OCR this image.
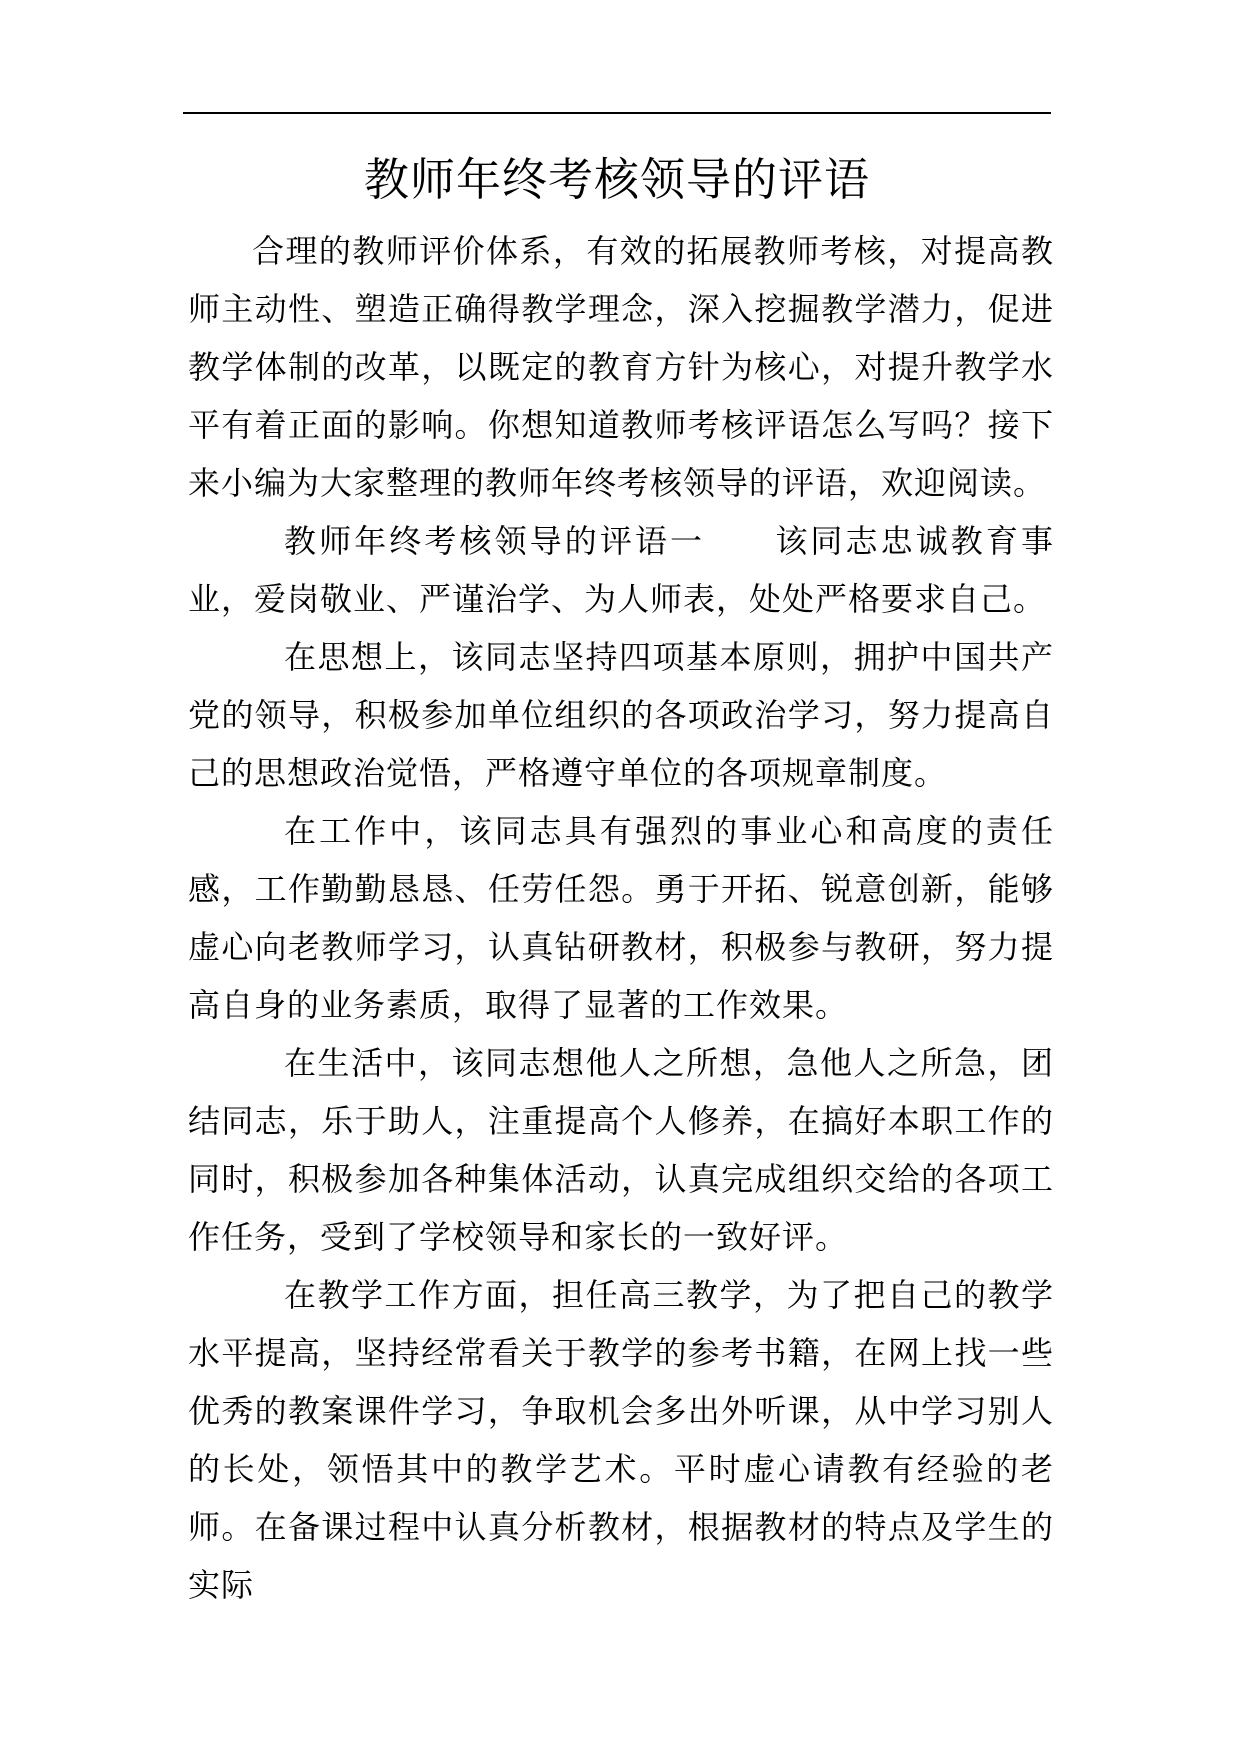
教师年终考核领导的评语

合理的教师评价体系，有效的拓展教师考核，对提高教师主动性、塑造正确得教学理念，深入挖掘教学潜力，促进教学体制的改革，以既定的教育方针为核心，对提升教学水平有着正面的影响。你想知道教师考核评语怎么写吗？接下来小编为大家整理的教师年终考核领导的评语，欢迎阅读。

教师年终考核领导的评语一　　该同志忠诚教育事业，爱岗敬业、严谨治学、为人师表，处处严格要求自己。

在思想上，该同志坚持四项基本原则，拥护中国共产党的领导，积极参加单位组织的各项政治学习，努力提高自己的思想政治觉悟，严格遵守单位的各项规章制度。

在工作中，该同志具有强烈的事业心和高度的责任感，工作勤勤恳恳、任劳任怨。勇于开拓、锐意创新，能够虚心向老教师学习，认真钻研教材，积极参与教研，努力提高自身的业务素质，取得了显著的工作效果。

在生活中，该同志想他人之所想，急他人之所急，团结同志，乐于助人，注重提高个人修养，在搞好本职工作的同时，积极参加各种集体活动，认真完成组织交给的各项工作任务，受到了学校领导和家长的一致好评。

在教学工作方面，担任高三教学，为了把自己的教学水平提高，坚持经常看关于教学的参考书籍，在网上找一些优秀的教案课件学习，争取机会多出外听课，从中学习别人的长处，领悟其中的教学艺术。平时虚心请教有经验的老师。在备课过程中认真分析教材，根据教材的特点及学生的实际
